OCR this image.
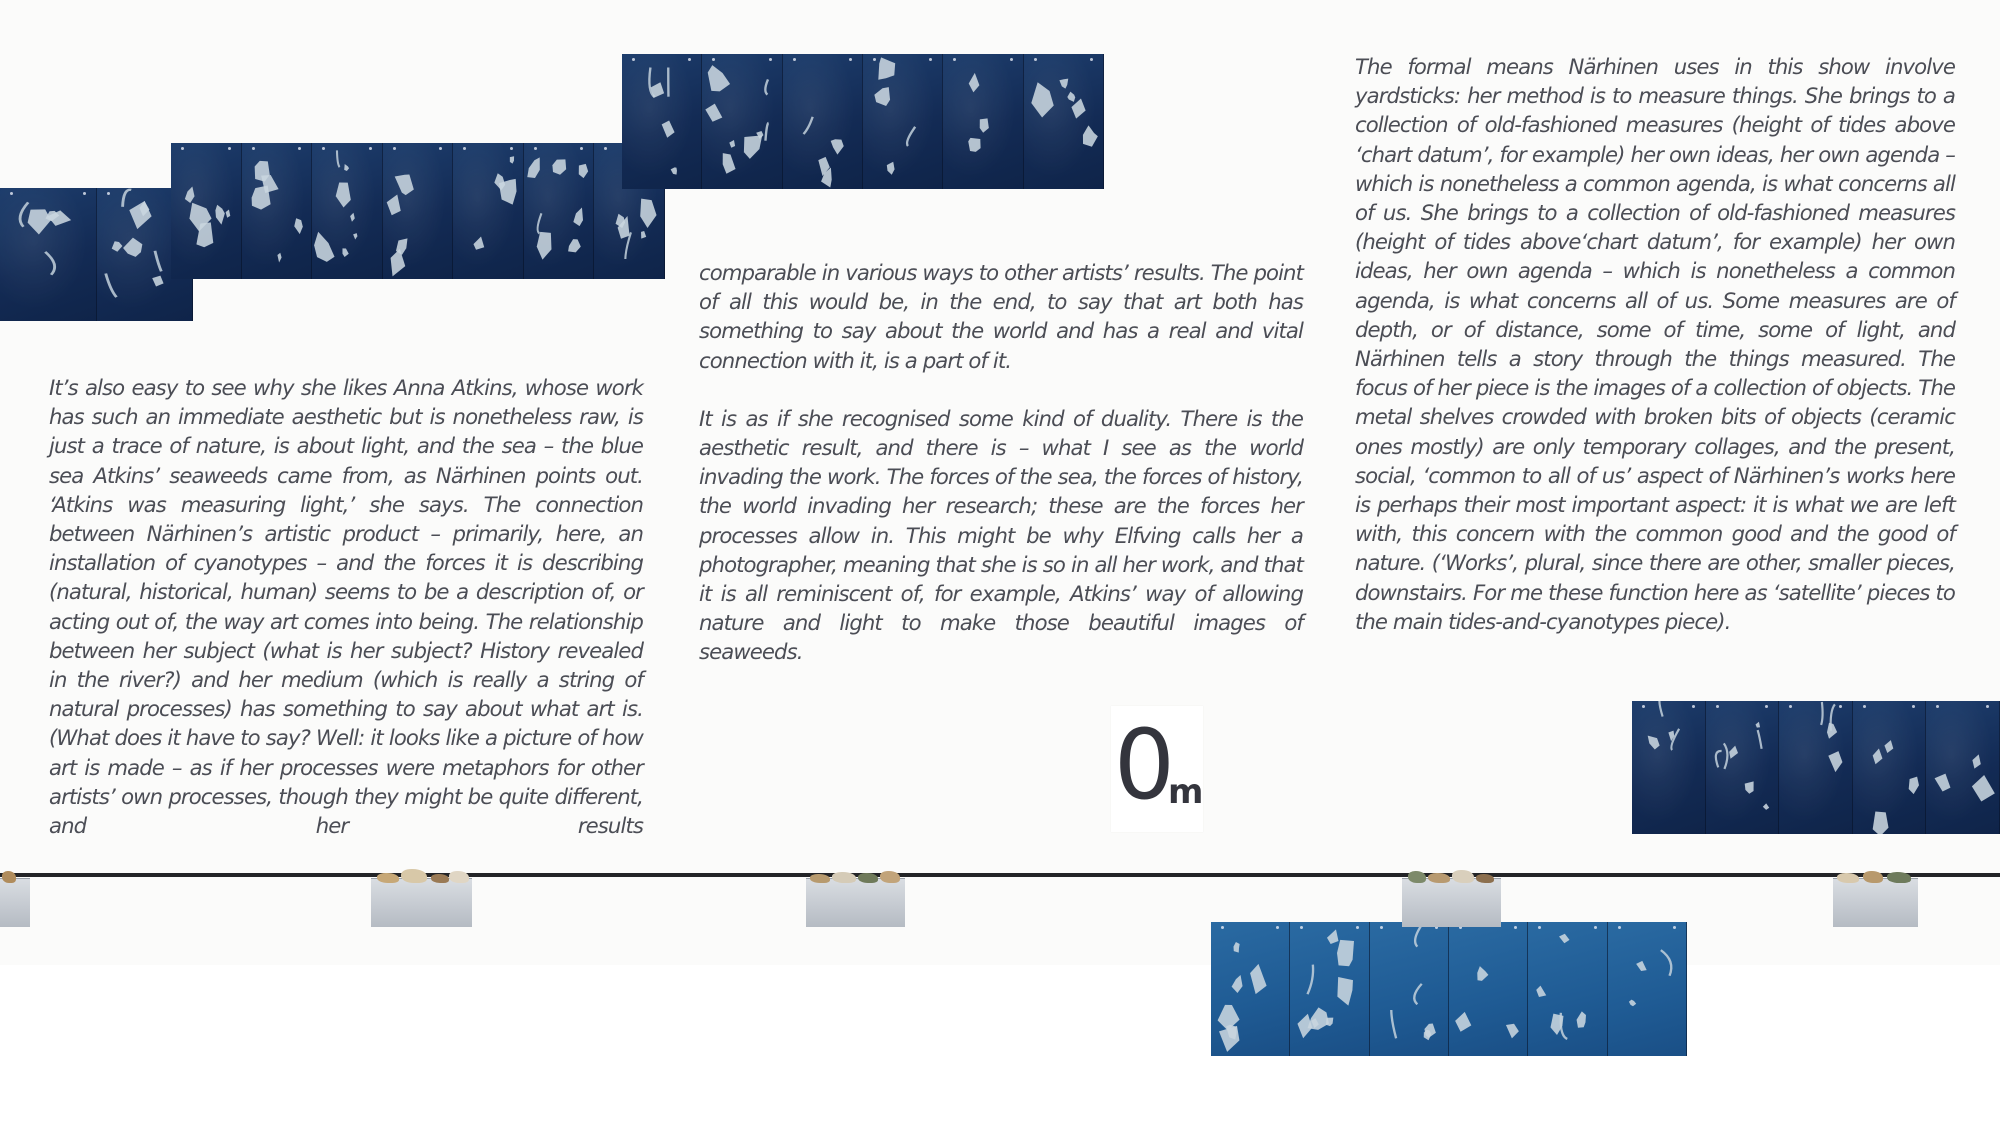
It’s also easy to see why she likes Anna Atkins, whose work has such an immediate aesthetic but is nonetheless raw, is just a trace of nature, is about light, and the sea – the blue sea Atkins’ seaweeds came from, as Närhinen points out. ‘Atkins was measuring light,’ she says. The connection between Närhinen’s artistic product – primarily, here, an installation of cyanotypes – and the forces it is describing (natural, historical, human) seems to be a description of, or acting out of, the way art comes into being. The relationship between her subject (what is her subject? History revealed in the river?) and her medium (which is really a string of natural processes) has something to say about what art is. (What does it have to say? Well: it looks like a picture of how art is made – as if her processes were metaphors for other artists’ own processes, though they might be quite different, and her results

comparable in various ways to other artists’ results. The point of all this would be, in the end, to say that art both has something to say about the world and has a real and vital connection with it, is a part of it.

It is as if she recognised some kind of duality. There is the aesthetic result, and there is – what I see as the world invading the work. The forces of the sea, the forces of history, the world invading her research; these are the forces her processes allow in. This might be why Elfving calls her a photographer, meaning that she is so in all her work, and that it is all reminiscent of, for example, Atkins’ way of allowing nature and light to make those beautiful images of seaweeds.

The formal means Närhinen uses in this show involve yardsticks: her method is to measure things. She brings to a collection of old-fashioned measures (height of tides above ‘chart datum’, for example) her own ideas, her own agenda – which is nonetheless a common agenda, is what concerns all of us. She brings to a collection of old-fashioned measures (height of tides above‘chart datum’, for example) her own ideas, her own agenda – which is nonetheless a common agenda, is what concerns all of us. Some measures are of depth, or of distance, some of time, some of light, and Närhinen tells a story through the things measured. The focus of her piece is the images of a collection of objects. The metal shelves crowded with broken bits of objects (ceramic ones mostly) are only temporary collages, and the present, social, ‘common to all of us’ aspect of Närhinen’s works here is perhaps their most important aspect: it is what we are left with, this concern with the common good and the good of nature. (‘Works’, plural, since there are other, smaller pieces, downstairs. For me these function here as ‘satellite’ pieces to the main tides-and-cyanotypes piece).

0
m
